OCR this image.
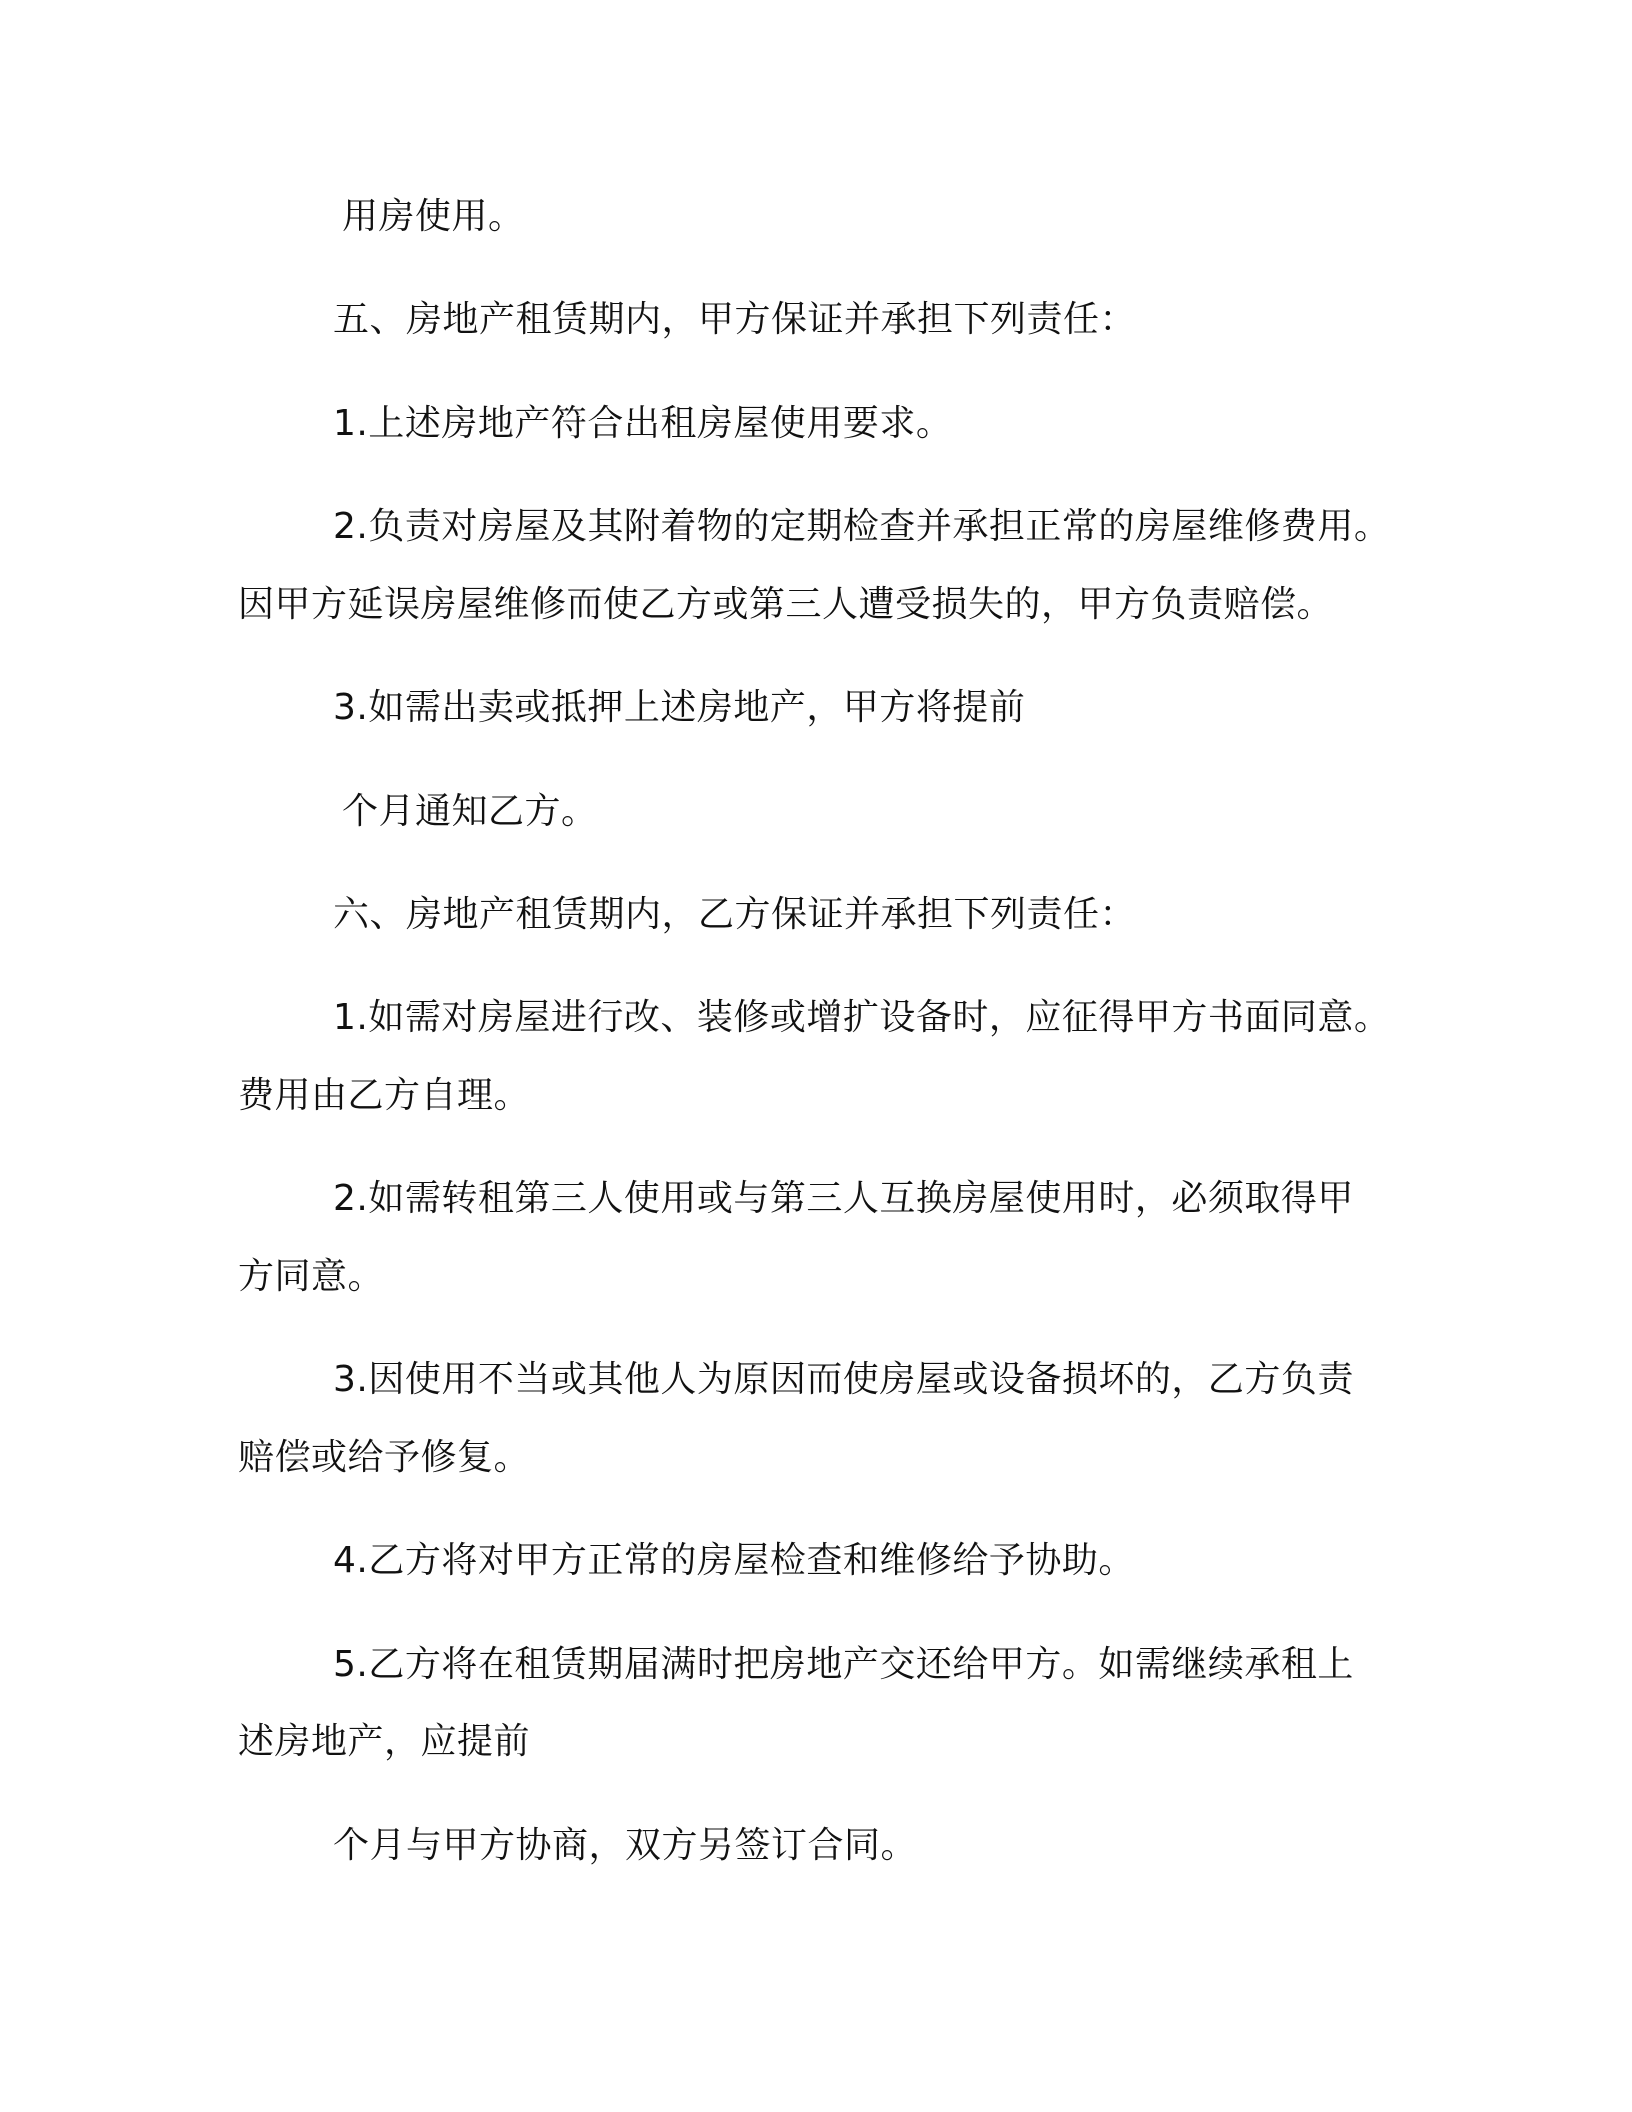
用房使用。
五、房地产租赁期内，甲方保证并承担下列责任：
1.上述房地产符合出租房屋使用要求。
2.负责对房屋及其附着物的定期检查并承担正常的房屋维修费用。
因甲方延误房屋维修而使乙方或第三人遭受损失的，甲方负责赔偿。
3.如需出卖或抵押上述房地产，甲方将提前
个月通知乙方。
六、房地产租赁期内，乙方保证并承担下列责任：
1.如需对房屋进行改、装修或增扩设备时，应征得甲方书面同意。
费用由乙方自理。
2.如需转租第三人使用或与第三人互换房屋使用时，必须取得甲
方同意。
3.因使用不当或其他人为原因而使房屋或设备损坏的，乙方负责
赔偿或给予修复。
4.乙方将对甲方正常的房屋检查和维修给予协助。
5.乙方将在租赁期届满时把房地产交还给甲方。如需继续承租上
述房地产，应提前
个月与甲方协商，双方另签订合同。
